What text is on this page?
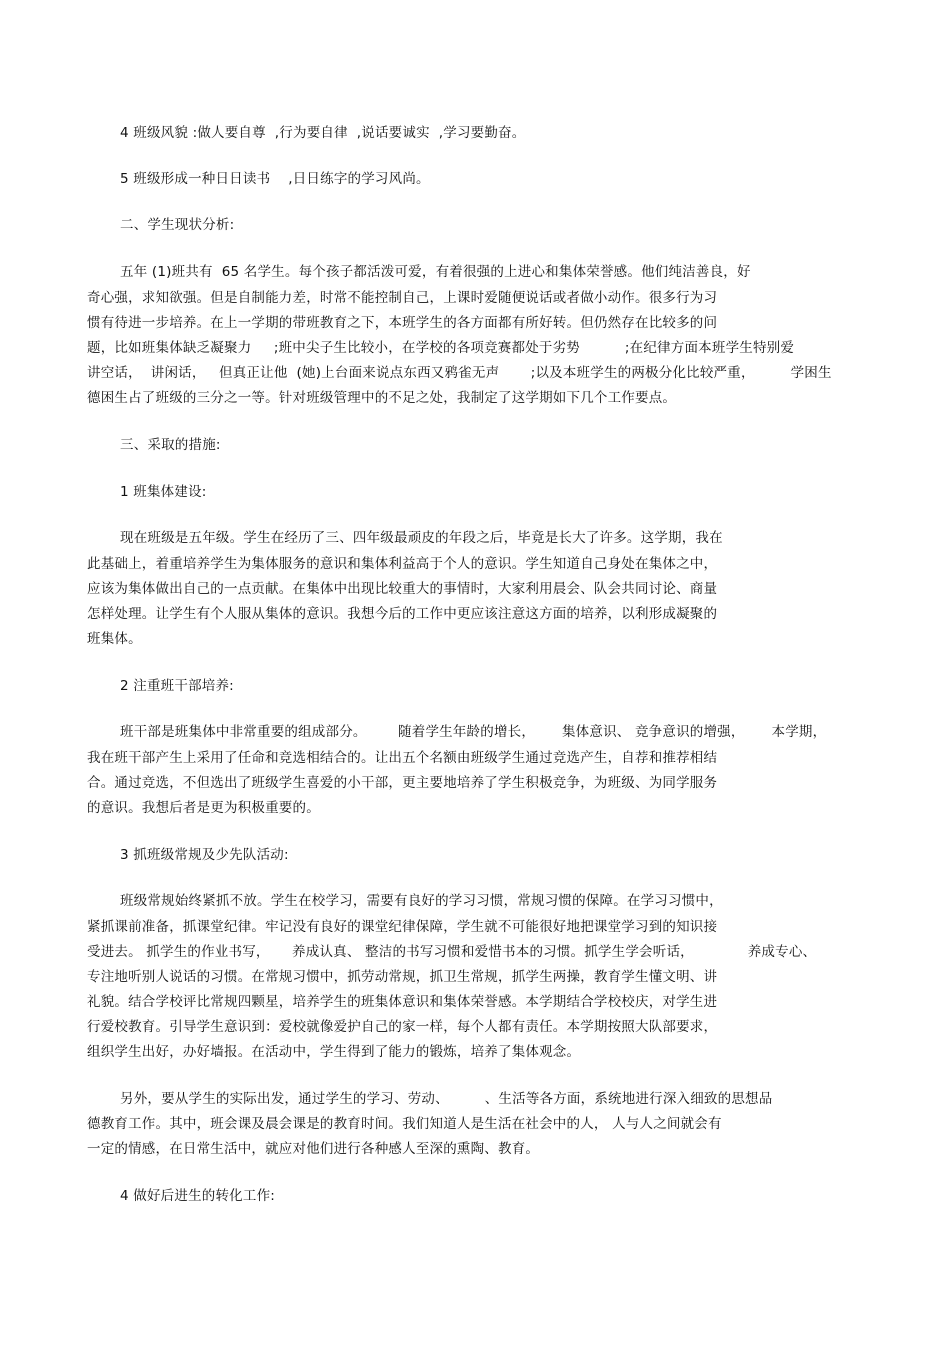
4 班级风貌 :做人要自尊  ,行为要自律  ,说话要诚实  ,学习要勤奋。
5 班级形成一种日日读书    ,日日练字的学习风尚。
二、学生现状分析:
五年 (1)班共有  65 名学生。每个孩子都活泼可爱，有着很强的上进心和集体荣誉感。他们纯洁善良，好
奇心强，求知欲强。但是自制能力差，时常不能控制自己，上课时爱随便说话或者做小动作。很多行为习
惯有待进一步培养。在上一学期的带班教育之下，本班学生的各方面都有所好转。但仍然存在比较多的问
题，比如班集体缺乏凝聚力     ;班中尖子生比较小，在学校的各项竞赛都处于劣势          ;在纪律方面本班学生特别爱
讲空话，  讲闲话，   但真正让他  (她)上台面来说点东西又鸦雀无声       ;以及本班学生的两极分化比较严重，        学困生
德困生占了班级的三分之一等。针对班级管理中的不足之处，我制定了这学期如下几个工作要点。
三、采取的措施:
1 班集体建设:
现在班级是五年级。学生在经历了三、四年级最顽皮的年段之后，毕竟是长大了许多。这学期，我在
此基础上，着重培养学生为集体服务的意识和集体利益高于个人的意识。学生知道自己身处在集体之中，
应该为集体做出自己的一点贡献。在集体中出现比较重大的事情时，大家利用晨会、队会共同讨论、商量
怎样处理。让学生有个人服从集体的意识。我想今后的工作中更应该注意这方面的培养，以利形成凝聚的
班集体。
2 注重班干部培养:
班干部是班集体中非常重要的组成部分。       随着学生年龄的增长，      集体意识、 竞争意识的增强，      本学期，
我在班干部产生上采用了任命和竞选相结合的。让出五个名额由班级学生通过竞选产生，自荐和推荐相结
合。通过竞选，不但选出了班级学生喜爱的小干部，更主要地培养了学生积极竞争，为班级、为同学服务
的意识。我想后者是更为积极重要的。
3 抓班级常规及少先队活动:
班级常规始终紧抓不放。学生在校学习，需要有良好的学习习惯，常规习惯的保障。在学习习惯中，
紧抓课前准备，抓课堂纪律。牢记没有良好的课堂纪律保障，学生就不可能很好地把课堂学习到的知识接
受进去。 抓学生的作业书写，     养成认真、 整洁的书写习惯和爱惜书本的习惯。抓学生学会听话，            养成专心、
专注地听别人说话的习惯。在常规习惯中，抓劳动常规，抓卫生常规，抓学生两操，教育学生懂文明、讲
礼貌。结合学校评比常规四颗星，培养学生的班集体意识和集体荣誉感。本学期结合学校校庆，对学生进
行爱校教育。引导学生意识到：爱校就像爱护自己的家一样，每个人都有责任。本学期按照大队部要求，
组织学生出好，办好墙报。在活动中，学生得到了能力的锻炼，培养了集体观念。
另外，要从学生的实际出发，通过学生的学习、劳动、        、生活等各方面，系统地进行深入细致的思想品
德教育工作。其中，班会课及晨会课是的教育时间。我们知道人是生活在社会中的人， 人与人之间就会有
一定的情感，在日常生活中，就应对他们进行各种感人至深的熏陶、教育。
4 做好后进生的转化工作:
